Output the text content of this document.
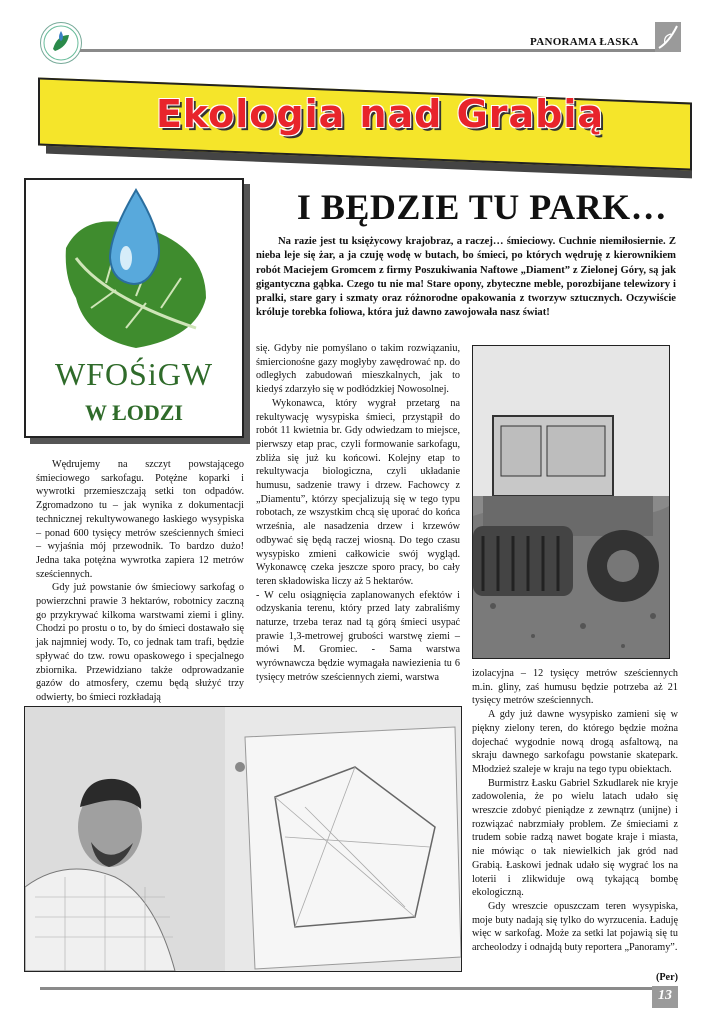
PANORAMA ŁASKA
Ekologia nad Grabią
WFOŚiGW
W ŁODZI
I BĘDZIE TU PARK…
Na razie jest tu księżycowy krajobraz, a raczej… śmieciowy. Cuchnie niemiłosiernie. Z nieba leje się żar, a ja czuję wodę w butach, bo śmieci, po których wędruję z kierownikiem robót Maciejem Gromcem z firmy Poszukiwania Naftowe „Diament” z Zielonej Góry, są jak gigantyczna gąbka. Czego tu nie ma! Stare opony, zbyteczne meble, porozbijane telewizory i pralki, stare gary i szmaty oraz różnorodne opakowania z tworzyw sztucznych. Oczywiście króluje torebka foliowa, która już dawno zawojowała nasz świat!

Wędrujemy na szczyt powstającego śmieciowego sarkofagu. Potężne koparki i wywrotki przemieszczają setki ton odpadów. Zgromadzono tu – jak wynika z dokumentacji technicznej rekultywowanego łaskiego wysypiska – ponad 600 tysięcy metrów sześciennych śmieci – wyjaśnia mój przewodnik. To bardzo dużo! Jedna taka potężna wywrotka zapiera 12 metrów sześciennych.

Gdy już powstanie ów śmieciowy sarkofag o powierzchni prawie 3 hektarów, robotnicy zaczną go przykrywać kilkoma warstwami ziemi i gliny. Chodzi po prostu o to, by do śmieci dostawało się jak najmniej wody. To, co jednak tam trafi, będzie spływać do tzw. rowu opaskowego i specjalnego zbiornika. Przewidziano także odprowadzanie gazów do atmosfery, czemu będą służyć trzy odwierty, bo śmieci rozkładają

się. Gdyby nie pomyślano o takim rozwiązaniu, śmiercionośne gazy mogłyby zawędrować np. do odległych zabudowań mieszkalnych, jak to kiedyś zdarzyło się w podłódzkiej Nowosolnej.

Wykonawca, który wygrał przetarg na rekultywację wysypiska śmieci, przystąpił do robót 11 kwietnia br. Gdy odwiedzam to miejsce, pierwszy etap prac, czyli formowanie sarkofagu, zbliża się już ku końcowi. Kolejny etap to rekultywacja biologiczna, czyli układanie humusu, sadzenie trawy i drzew. Fachowcy z „Diamentu”, którzy specjalizują się w tego typu robotach, ze wszystkim chcą się uporać do końca września, ale nasadzenia drzew i krzewów odbywać się będą raczej wiosną. Do tego czasu wysypisko zmieni całkowicie swój wygląd. Wykonawcę czeka jeszcze sporo pracy, bo cały teren składowiska liczy aż 5 hektarów.

- W celu osiągnięcia zaplanowanych efektów i odzyskania terenu, który przed laty zabraliśmy naturze, trzeba teraz nad tą górą śmieci usypać prawie 1,3-metrowej grubości warstwę ziemi – mówi M. Gromiec. - Sama warstwa wyrównawcza będzie wymagała nawiezienia tu 6 tysięcy metrów sześciennych ziemi, warstwa	izolacyjna – 12 tysięcy metrów sześciennych m.in. gliny, zaś humusu będzie potrzeba aż 21 tysięcy metrów sześciennych.

A gdy już dawne wysypisko zamieni się w piękny zielony teren, do którego będzie można dojechać wygodnie nową drogą asfaltową, na skraju dawnego sarkofagu powstanie skatepark. Młodzież szaleje w kraju na tego typu obiektach.

Burmistrz Łasku Gabriel Szkudlarek nie kryje zadowolenia, że po wielu latach udało się wreszcie zdobyć pieniądze z zewnątrz (unijne) i rozwiązać nabrzmiały problem. Ze śmieciami z trudem sobie radzą nawet bogate kraje i miasta, nie mówiąc o tak niewielkich jak gród nad Grabią. Łaskowi jednak udało się wygrać los na loterii i zlikwiduje ową tykającą bombę ekologiczną.

Gdy wreszcie opuszczam teren wysypiska, moje buty nadają się tylko do wyrzucenia. Ładuję więc w sarkofag. Może za setki lat pojawią się tu archeolodzy i odnajdą buty reportera „Panoramy”.

(Per)
13
